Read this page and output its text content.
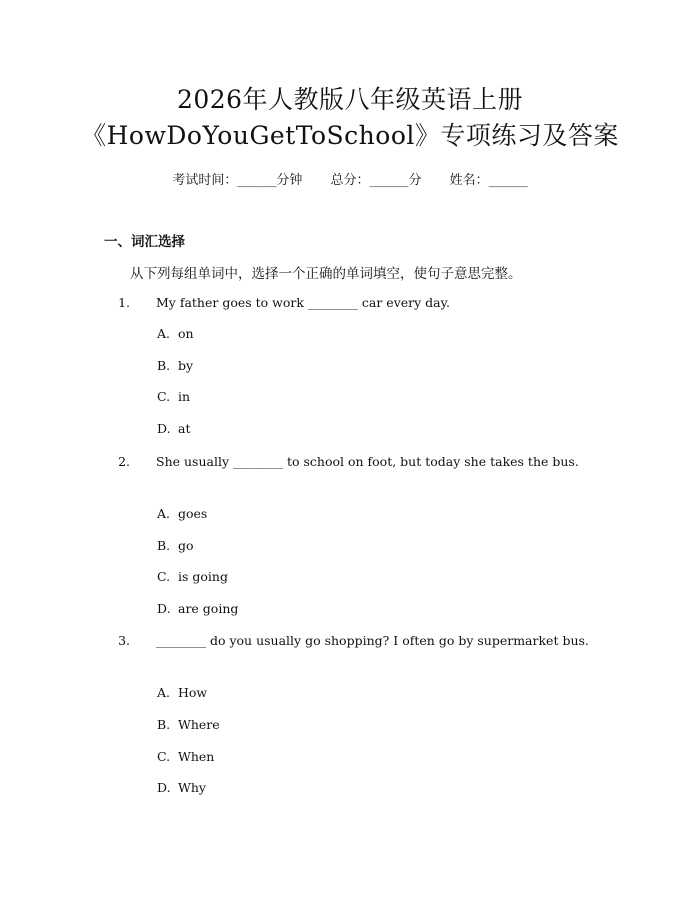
2026年人教版八年级英语上册
《HowDoYouGetToSchool》专项练习及答案
考试时间：______分钟 总分：______分 姓名：______
一、词汇选择
从下列每组单词中，选择一个正确的单词填空，使句子意思完整。
1. My father goes to work ________ car every day.
A. on
B. by
C. in
D. at
2. She usually ________ to school on foot, but today she takes the bus.
A. goes
B. go
C. is going
D. are going
3. ________ do you usually go shopping? I often go by supermarket bus.
A. How
B. Where
C. When
D. Why
